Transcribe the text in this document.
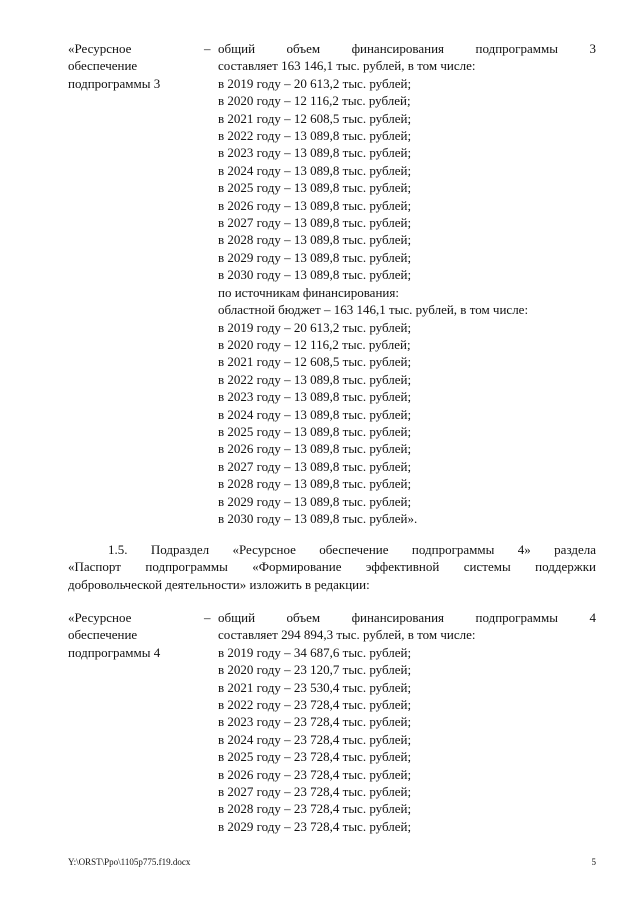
«Ресурсное
обеспечение
подпрограммы 3
– общий объем финансирования подпрограммы 3
составляет 163 146,1 тыс. рублей, в том числе:
в 2019 году – 20 613,2 тыс. рублей;
в 2020 году – 12 116,2 тыс. рублей;
в 2021 году – 12 608,5 тыс. рублей;
в 2022 году – 13 089,8 тыс. рублей;
в 2023 году – 13 089,8 тыс. рублей;
в 2024 году – 13 089,8 тыс. рублей;
в 2025 году – 13 089,8 тыс. рублей;
в 2026 году – 13 089,8 тыс. рублей;
в 2027 году – 13 089,8 тыс. рублей;
в 2028 году – 13 089,8 тыс. рублей;
в 2029 году – 13 089,8 тыс. рублей;
в 2030 году – 13 089,8 тыс. рублей;
по источникам финансирования:
областной бюджет – 163 146,1 тыс. рублей, в том числе:
в 2019 году – 20 613,2 тыс. рублей;
в 2020 году – 12 116,2 тыс. рублей;
в 2021 году – 12 608,5 тыс. рублей;
в 2022 году – 13 089,8 тыс. рублей;
в 2023 году – 13 089,8 тыс. рублей;
в 2024 году – 13 089,8 тыс. рублей;
в 2025 году – 13 089,8 тыс. рублей;
в 2026 году – 13 089,8 тыс. рублей;
в 2027 году – 13 089,8 тыс. рублей;
в 2028 году – 13 089,8 тыс. рублей;
в 2029 году – 13 089,8 тыс. рублей;
в 2030 году – 13 089,8 тыс. рублей».
1.5. Подраздел «Ресурсное обеспечение подпрограммы 4» раздела
«Паспорт подпрограммы «Формирование эффективной системы поддержки
добровольческой деятельности» изложить в редакции:
«Ресурсное
обеспечение
подпрограммы 4
– общий объем финансирования подпрограммы 4
составляет 294 894,3 тыс. рублей, в том числе:
в 2019 году – 34 687,6 тыс. рублей;
в 2020 году – 23 120,7 тыс. рублей;
в 2021 году – 23 530,4 тыс. рублей;
в 2022 году – 23 728,4 тыс. рублей;
в 2023 году – 23 728,4 тыс. рублей;
в 2024 году – 23 728,4 тыс. рублей;
в 2025 году – 23 728,4 тыс. рублей;
в 2026 году – 23 728,4 тыс. рублей;
в 2027 году – 23 728,4 тыс. рублей;
в 2028 году – 23 728,4 тыс. рублей;
в 2029 году – 23 728,4 тыс. рублей;
Y:\ORST\Ppo\1105p775.f19.docx	5
